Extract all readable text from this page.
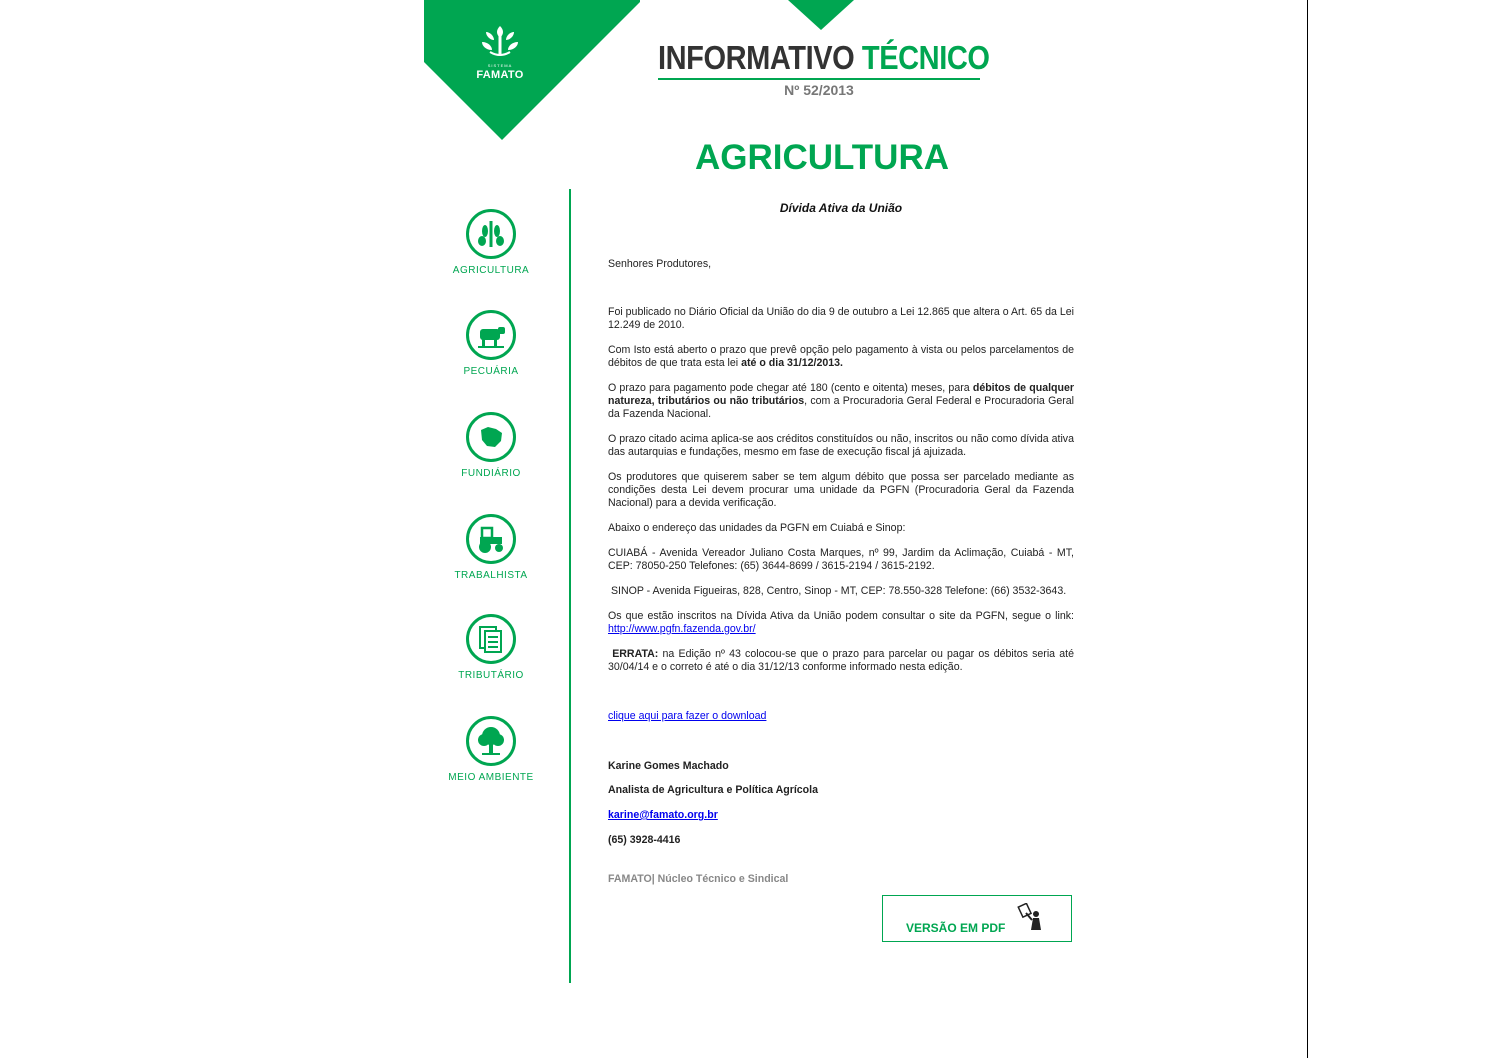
SISTEMA
FAMATO	INFORMATIVO TÉCNICO
Nº 52/2013
AGRICULTURA
Dívida Ativa da União
AGRICULTURA
PECUÁRIA
FUNDIÁRIO
TRABALHISTA
TRIBUTÁRIO
MEIO AMBIENTE

Senhores Produtores,

Foi publicado no Diário Oficial da União do dia 9 de outubro a Lei 12.865 que altera o Art. 65 da Lei 12.249 de 2010.

Com Isto está aberto o prazo que prevê opção pelo pagamento à vista ou pelos parcelamentos de débitos de que trata esta lei até o dia 31/12/2013.

O prazo para pagamento pode chegar até 180 (cento e oitenta) meses, para débitos de qualquer natureza, tributários ou não tributários, com a Procuradoria Geral Federal e Procuradoria Geral da Fazenda Nacional.

O prazo citado acima aplica-se aos créditos constituídos ou não, inscritos ou não como dívida ativa das autarquias e fundações, mesmo em fase de execução fiscal já ajuizada.

Os produtores que quiserem saber se tem algum débito que possa ser parcelado mediante as condições desta Lei devem procurar uma unidade da PGFN (Procuradoria Geral da Fazenda Nacional) para a devida verificação.

Abaixo o endereço das unidades da PGFN em Cuiabá e Sinop:

CUIABÁ - Avenida Vereador Juliano Costa Marques, nº 99, Jardim da Aclimação, Cuiabá - MT, CEP: 78050-250 Telefones: (65) 3644-8699 / 3615-2194 / 3615-2192.

SINOP - Avenida Figueiras, 828, Centro, Sinop - MT, CEP: 78.550-328 Telefone: (66) 3532-3643.

Os que estão inscritos na Dívida Ativa da União podem consultar o site da PGFN, segue o link: http://www.pgfn.fazenda.gov.br/

ERRATA: na Edição nº 43 colocou-se que o prazo para parcelar ou pagar os débitos seria até 30/04/14 e o correto é até o dia 31/12/13 conforme informado nesta edição.

clique aqui para fazer o download

Karine Gomes Machado

Analista de Agricultura e Política Agrícola

karine@famato.org.br

(65) 3928-4416

FAMATO| Núcleo Técnico e Sindical

VERSÃO EM PDF
